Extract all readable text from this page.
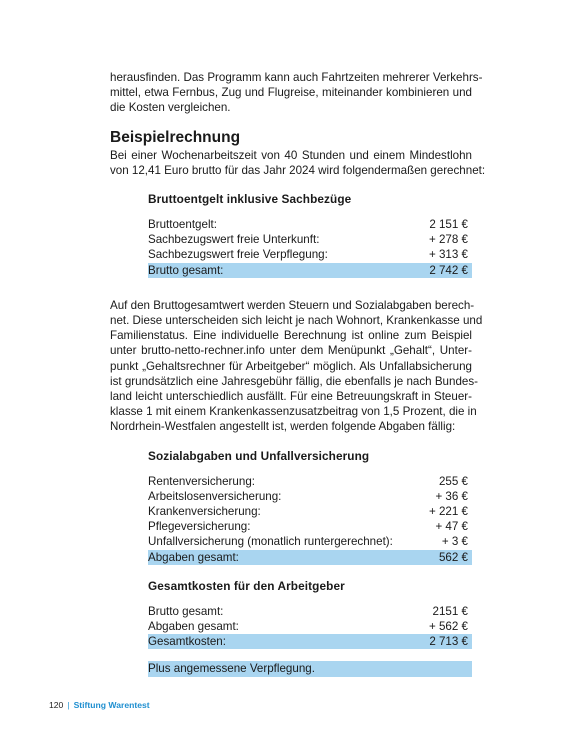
herausfinden. Das Programm kann auch Fahrtzeiten mehrerer Verkehrs-
mittel, etwa Fernbus, Zug und Flugreise, miteinander kombinieren und
die Kosten vergleichen.

Beispielrechnung

Bei einer Wochenarbeitszeit von 40 Stunden und einem Mindestlohn
von 12,41 Euro brutto für das Jahr 2024 wird folgendermaßen gerechnet:

Bruttoentgelt inklusive Sachbezüge
Bruttoentgelt:	2 151 €
Sachbezugswert freie Unterkunft:	+ 278 €
Sachbezugswert freie Verpflegung:	+ 313 €
Brutto gesamt:	2 742 €

Auf den Bruttogesamtwert werden Steuern und Sozialabgaben berech-
net. Diese unterscheiden sich leicht je nach Wohnort, Krankenkasse und
Familienstatus. Eine individuelle Berechnung ist online zum Beispiel
unter brutto-netto-rechner.info unter dem Menüpunkt „Gehalt“, Unter-
punkt „Gehaltsrechner für Arbeitgeber“ möglich. Als Unfallabsicherung
ist grundsätzlich eine Jahresgebühr fällig, die ebenfalls je nach Bundes-
land leicht unterschiedlich ausfällt. Für eine Betreuungskraft in Steuer-
klasse 1 mit einem Krankenkassenzusatzbeitrag von 1,5 Prozent, die in
Nordrhein-Westfalen angestellt ist, werden folgende Abgaben fällig:

Sozialabgaben und Unfallversicherung
Rentenversicherung:	255 €
Arbeitslosenversicherung:	+ 36 €
Krankenversicherung:	+ 221 €
Pflegeversicherung:	+ 47 €
Unfallversicherung (monatlich runtergerechnet):	+ 3 €
Abgaben gesamt:	562 €
Gesamtkosten für den Arbeitgeber
Brutto gesamt:	2151 €
Abgaben gesamt:	+ 562 €
Gesamtkosten:	2 713 €
Plus angemessene Verpflegung.
120 | Stiftung Warentest
